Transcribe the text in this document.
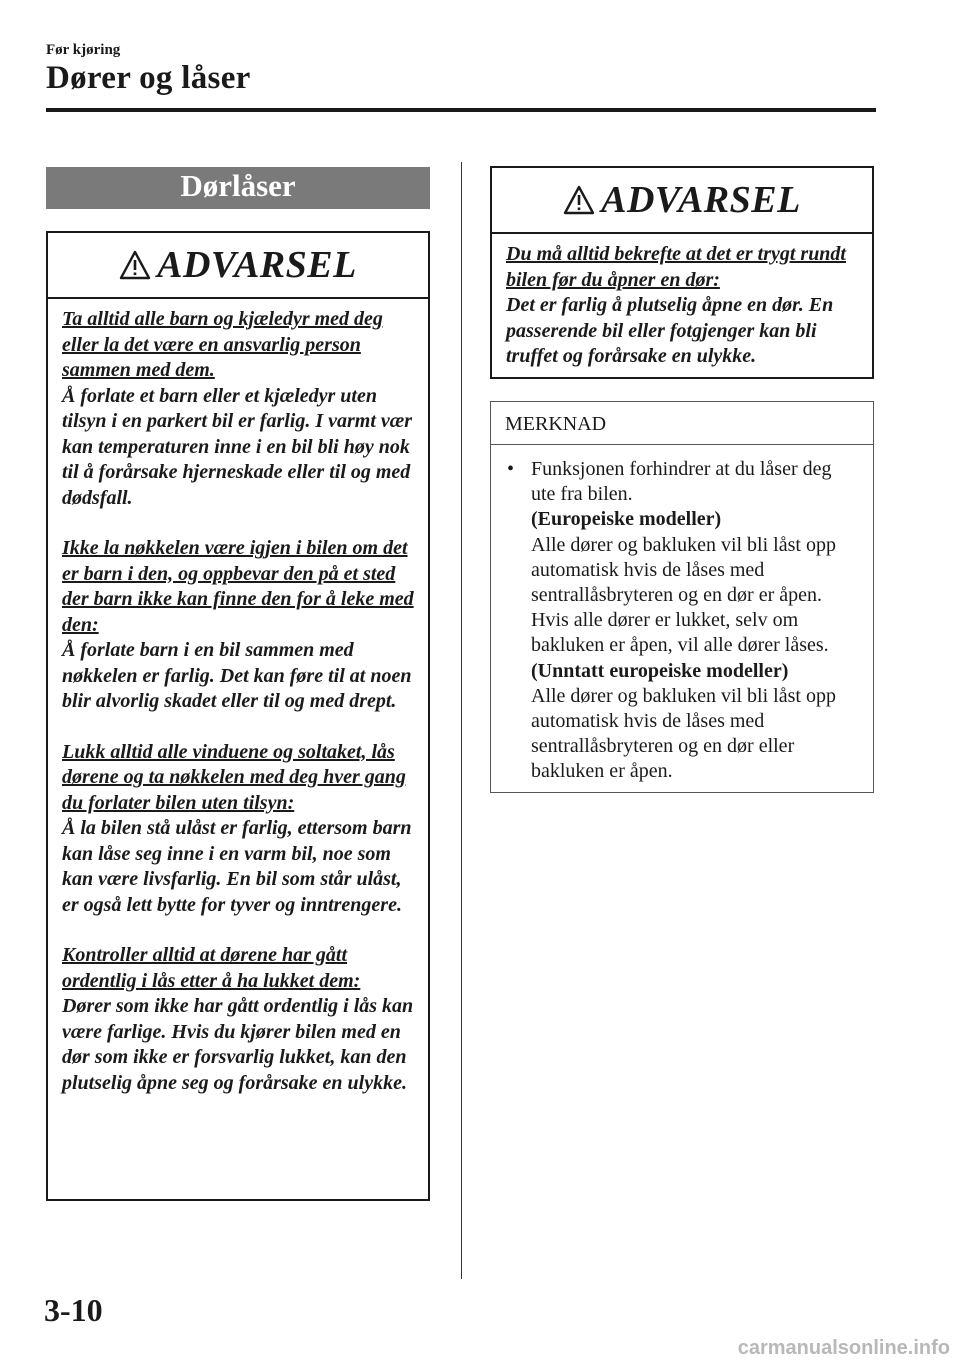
Før kjøring
Dører og låser
Dørlåser
ADVARSEL

Ta alltid alle barn og kjæledyr med deg eller la det være en ansvarlig person sammen med dem.
Å forlate et barn eller et kjæledyr uten tilsyn i en parkert bil er farlig. I varmt vær kan temperaturen inne i en bil bli høy nok til å forårsake hjerneskade eller til og med dødsfall.

Ikke la nøkkelen være igjen i bilen om det er barn i den, og oppbevar den på et sted der barn ikke kan finne den for å leke med den:
Å forlate barn i en bil sammen med nøkkelen er farlig. Det kan føre til at noen blir alvorlig skadet eller til og med drept.

Lukk alltid alle vinduene og soltaket, lås dørene og ta nøkkelen med deg hver gang du forlater bilen uten tilsyn:
Å la bilen stå ulåst er farlig, ettersom barn kan låse seg inne i en varm bil, noe som kan være livsfarlig. En bil som står ulåst, er også lett bytte for tyver og inntrengere.

Kontroller alltid at dørene har gått ordentlig i lås etter å ha lukket dem:
Dører som ikke har gått ordentlig i lås kan være farlige. Hvis du kjører bilen med en dør som ikke er forsvarlig lukket, kan den plutselig åpne seg og forårsake en ulykke.

ADVARSEL

Du må alltid bekrefte at det er trygt rundt bilen før du åpner en dør:
Det er farlig å plutselig åpne en dør. En passerende bil eller fotgjenger kan bli truffet og forårsake en ulykke.

MERKNAD
• Funksjonen forhindrer at du låser deg ute fra bilen.
(Europeiske modeller)
Alle dører og bakluken vil bli låst opp automatisk hvis de låses med sentrallåsbryteren og en dør er åpen. Hvis alle dører er lukket, selv om bakluken er åpen, vil alle dører låses.
(Unntatt europeiske modeller)
Alle dører og bakluken vil bli låst opp automatisk hvis de låses med sentrallåsbryteren og en dør eller bakluken er åpen.
3-10
carmanualsonline.info
